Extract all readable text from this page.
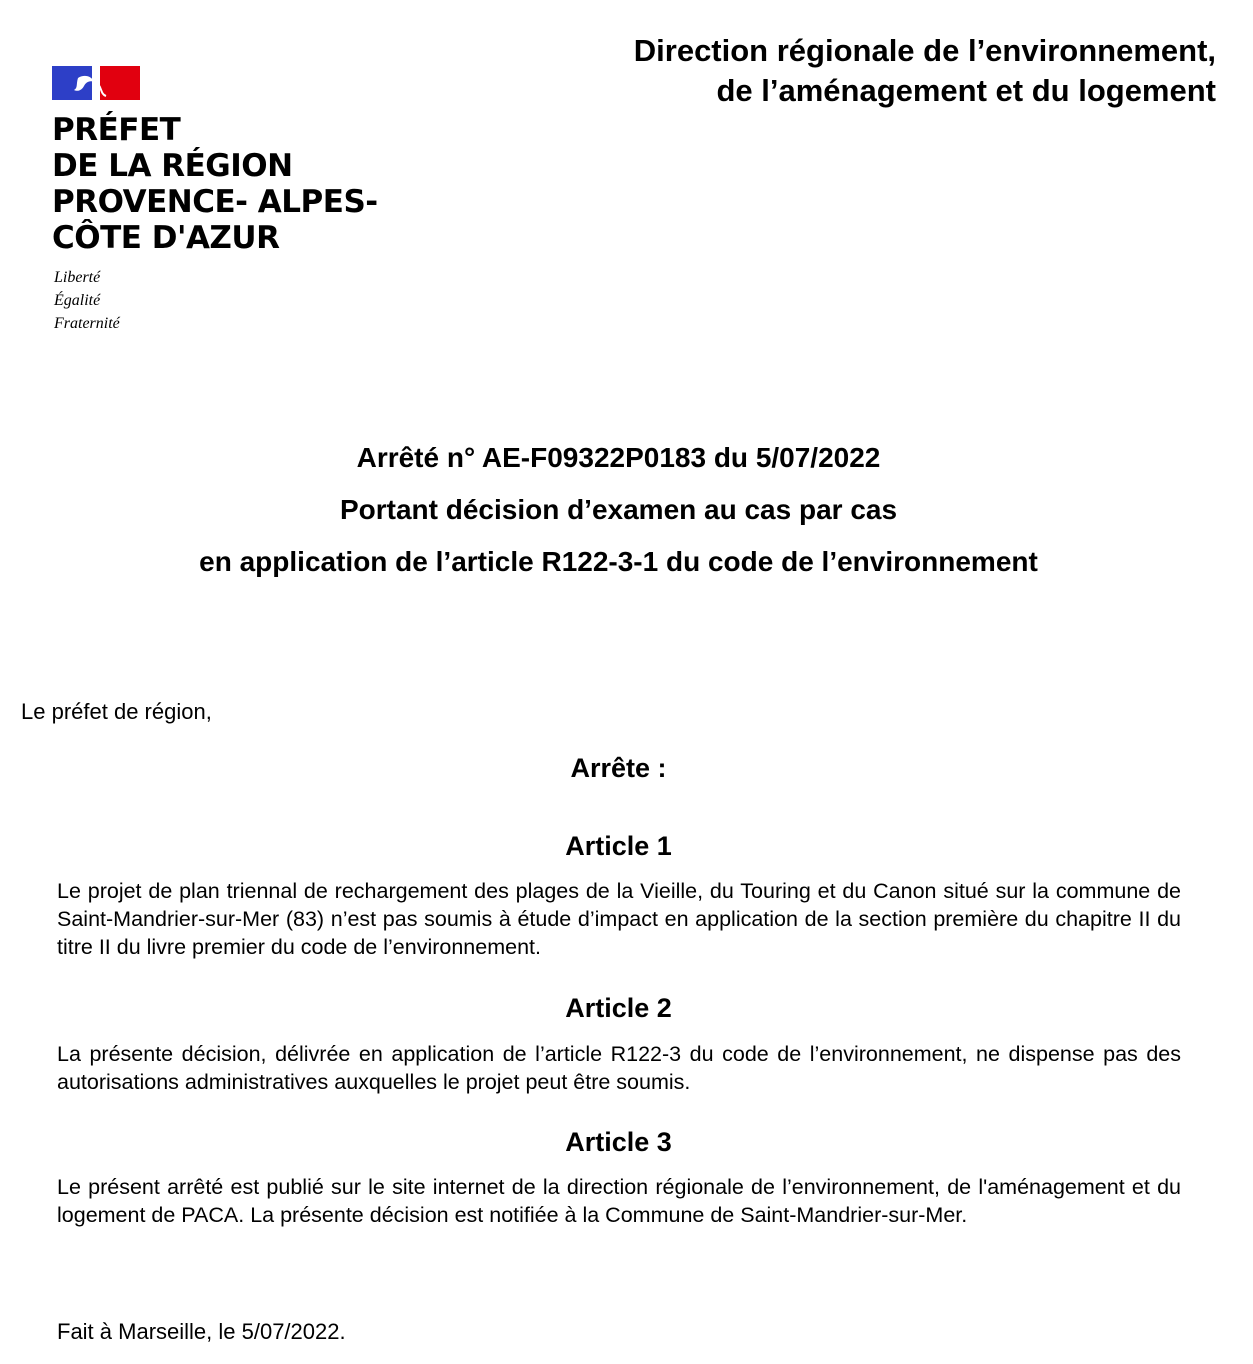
PRÉFET
DE LA RÉGION
PROVENCE- ALPES-
CÔTE D'AZUR
Liberté
Égalité
Fraternité
Direction régionale de l’environnement,
de l’aménagement et du logement
Arrêté n° AE-F09322P0183 du 5/07/2022
Portant décision d’examen au cas par cas
en application de l’article R122-3-1 du code de l’environnement
Le préfet de région,
Arrête :
Article 1
Le projet de plan triennal de rechargement des plages de la Vieille, du Touring et du Canon situé sur la commune de Saint-Mandrier-sur-Mer (83) n’est pas soumis à étude d’impact en application de la section première du chapitre II du titre II du livre premier du code de l’environnement.
Article 2
La présente décision, délivrée en application de l’article R122-3 du code de l’environnement, ne dispense pas des autorisations administratives auxquelles le projet peut être soumis.
Article 3
Le présent arrêté est publié sur le site internet de la direction régionale de l’environnement, de l'aménagement et du logement de PACA. La présente décision est notifiée à la Commune de Saint-Mandrier-sur-Mer.
Fait à Marseille, le 5/07/2022.
